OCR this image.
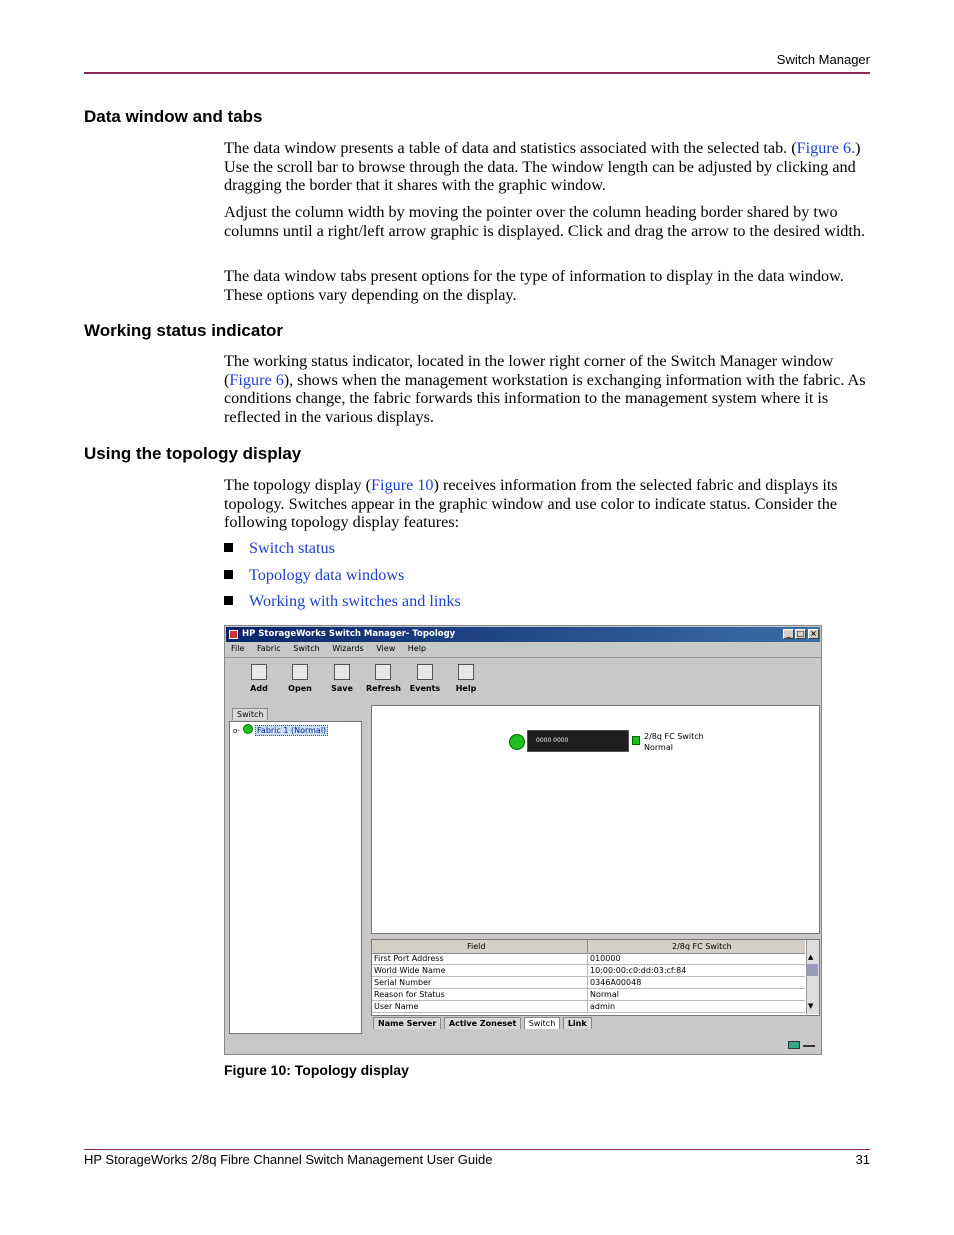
Switch Manager
Data window and tabs

The data window presents a table of data and statistics associated with the selected tab. (Figure 6.) Use the scroll bar to browse through the data. The window length can be adjusted by clicking and dragging the border that it shares with the graphic window.

Adjust the column width by moving the pointer over the column heading border shared by two columns until a right/left arrow graphic is displayed. Click and drag the arrow to the desired width.

The data window tabs present options for the type of information to display in the data window. These options vary depending on the display.

Working status indicator

The working status indicator, located in the lower right corner of the Switch Manager window (Figure 6), shows when the management workstation is exchanging information with the fabric. As conditions change, the fabric forwards this information to the management system where it is reflected in the various displays.

Using the topology display

The topology display (Figure 10) receives information from the selected fabric and displays its topology. Switches appear in the graphic window and use color to indicate status. Consider the following topology display features:

Switch status
Topology data windows
Working with switches and links
HP StorageWorks Switch Manager- Topology	_ □ ×
File Fabric Switch Wizards View Help
Add	Open	Save	Refresh Events	Help
Switch
o- Fabric 1 (Normal)
0000 0000	2/8q FC Switch
Normal
Field	2/8q FC Switch
First Port Address	010000
World Wide Name	10:00:00:c0:dd:03:cf:84
Serial Number	0346A00048
Reason for Status	Normal
User Name	admin
▲
▼
Name Server Active Zoneset Switch Link
Figure 10: Topology display
HP StorageWorks 2/8q Fibre Channel Switch Management User Guide	31
